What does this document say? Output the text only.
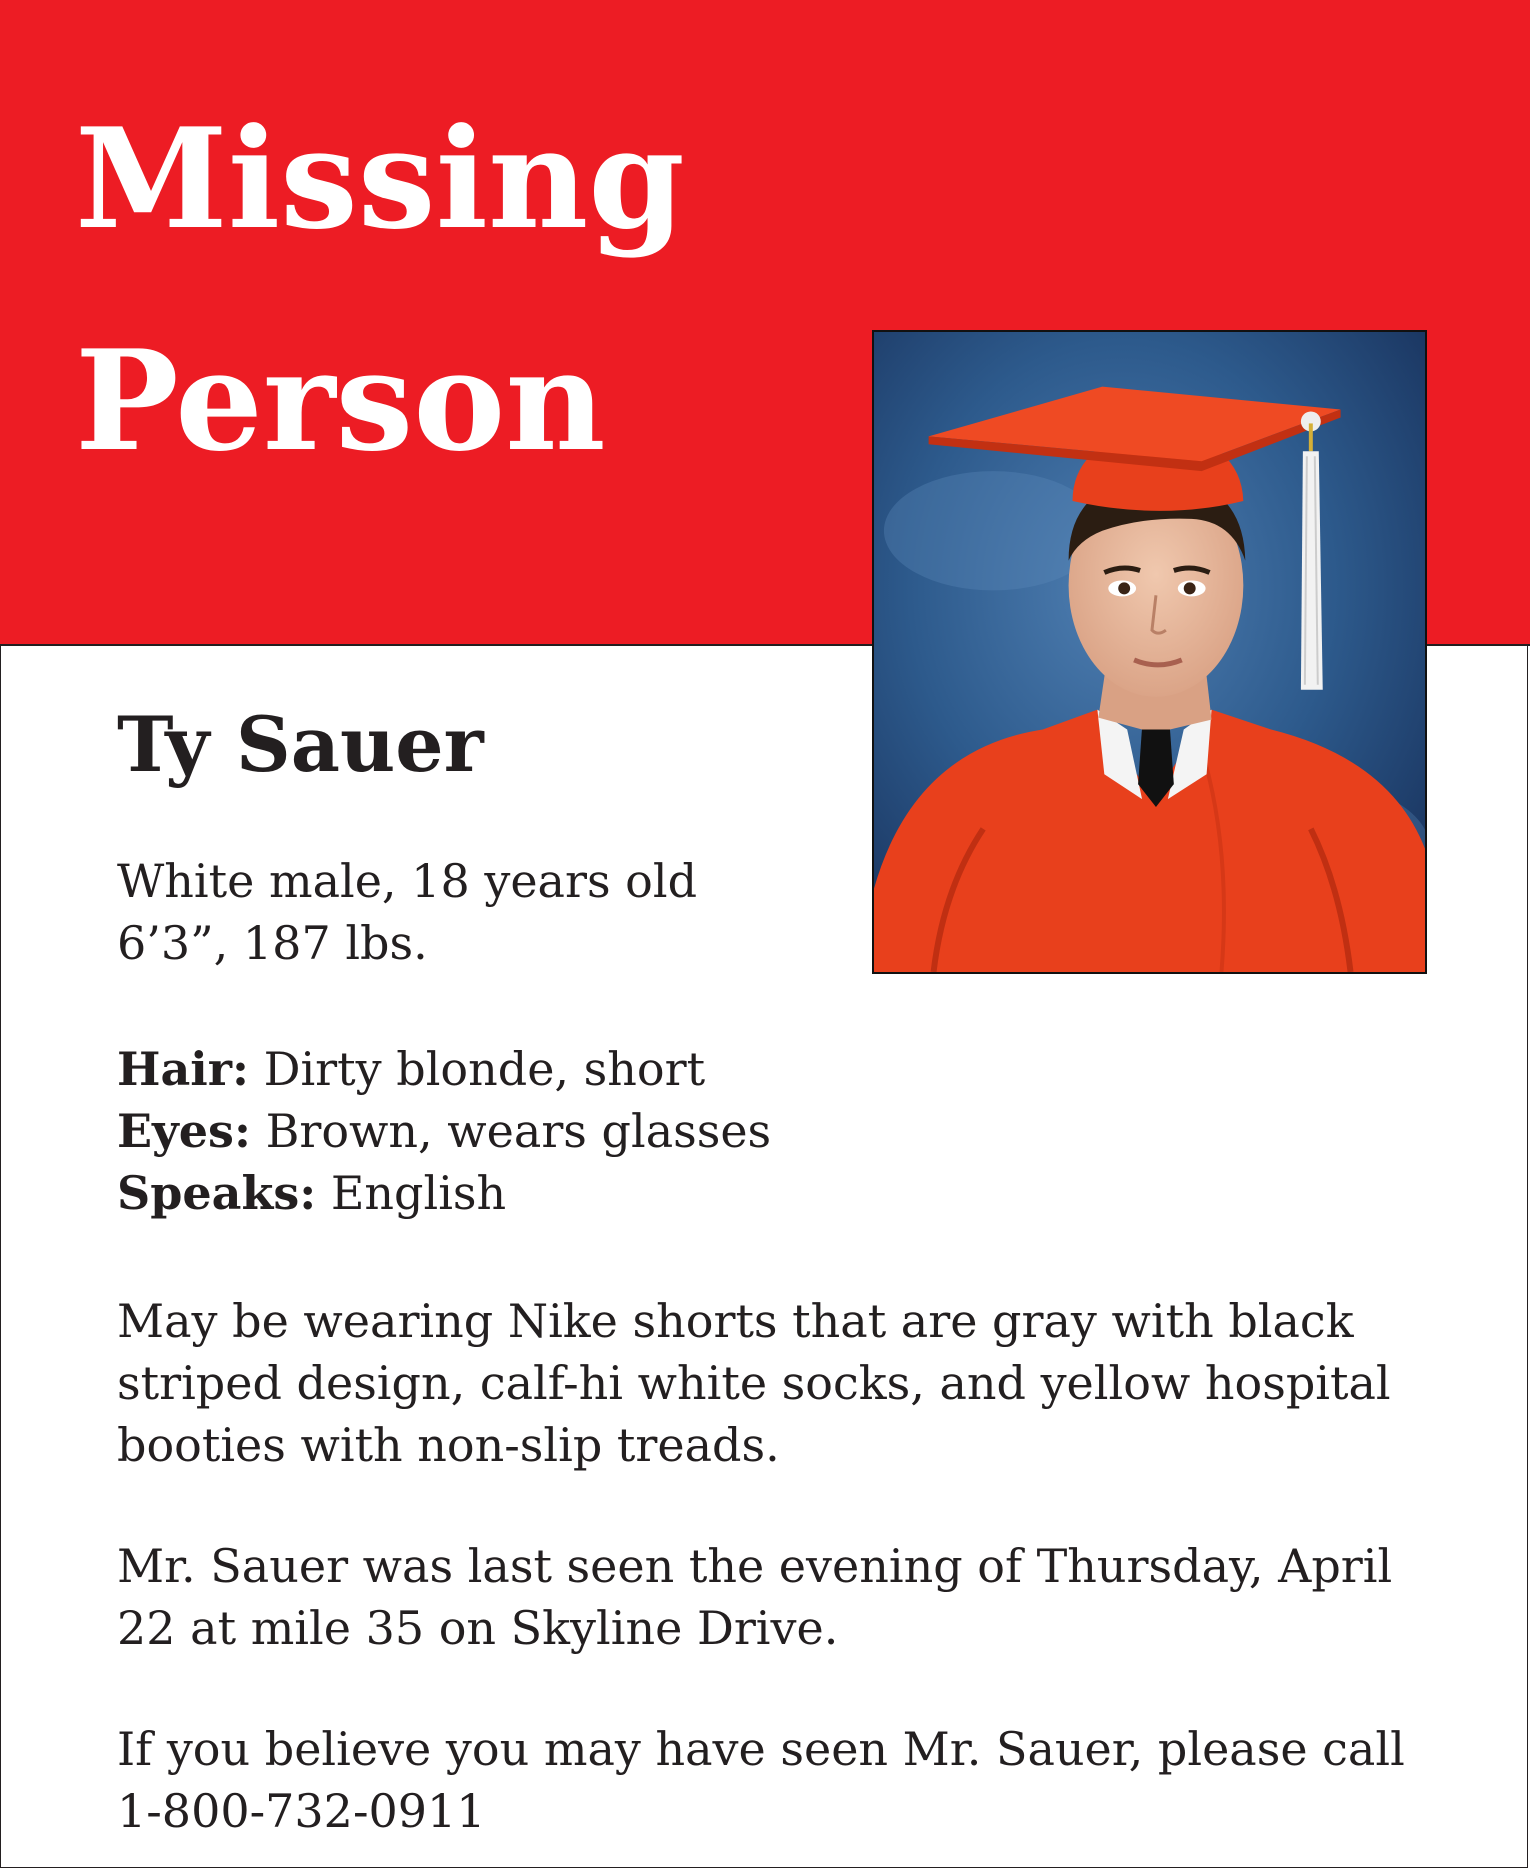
Missing
Person
Ty Sauer
White male, 18 years old
6’3”, 187 lbs.
Hair: Dirty blonde, short
Eyes: Brown, wears glasses
Speaks: English
May be wearing Nike shorts that are gray with black
striped design, calf-hi white socks, and yellow hospital
booties with non-slip treads.
Mr. Sauer was last seen the evening of Thursday, April
22 at mile 35 on Skyline Drive.
If you believe you may have seen Mr. Sauer, please call
1-800-732-0911
